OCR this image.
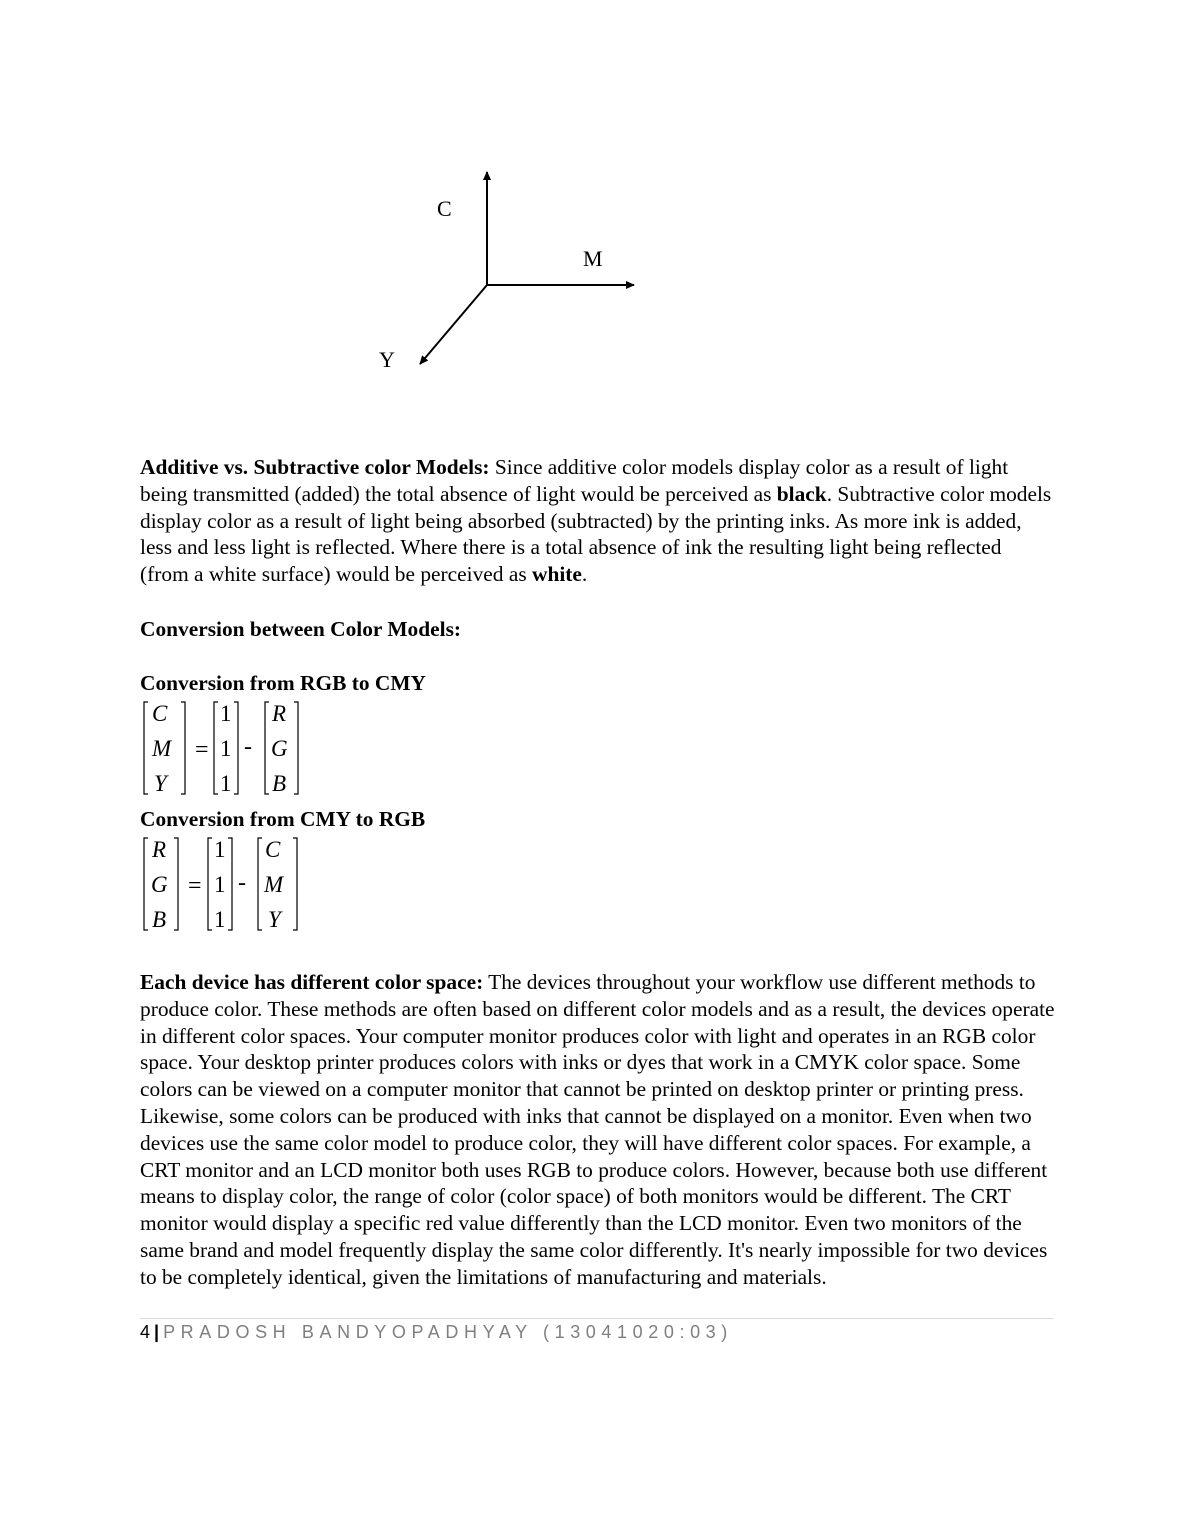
C
M
Y

Additive vs. Subtractive color Models: Since additive color models display color as a result of light being transmitted (added) the total absence of light would be perceived as black. Subtractive color models display color as a result of light being absorbed (subtracted) by the printing inks. As more ink is added, less and less light is reflected. Where there is a total absence of ink the resulting light being reflected (from a white surface) would be perceived as white.

Conversion between Color Models:

Conversion from RGB to CMY

C
M
Y
=
1
1
1
-
R
G
B

Conversion from CMY to RGB

R
G
B
=
1
1
1
-
C
M
Y

Each device has different color space: The devices throughout your workflow use different methods to produce color. These methods are often based on different color models and as a result, the devices operate in different color spaces. Your computer monitor produces color with light and operates in an RGB color space. Your desktop printer produces colors with inks or dyes that work in a CMYK color space. Some colors can be viewed on a computer monitor that cannot be printed on desktop printer or printing press. Likewise, some colors can be produced with inks that cannot be displayed on a monitor. Even when two devices use the same color model to produce color, they will have different color spaces. For example, a CRT monitor and an LCD monitor both uses RGB to produce colors. However, because both use different means to display color, the range of color (color space) of both monitors would be different. The CRT monitor would display a specific red value differently than the LCD monitor. Even two monitors of the same brand and model frequently display the same color differently. It's nearly impossible for two devices to be completely identical, given the limitations of manufacturing and materials.

4 | PRADOSH BANDYOPADHYAY (13041020:03)
